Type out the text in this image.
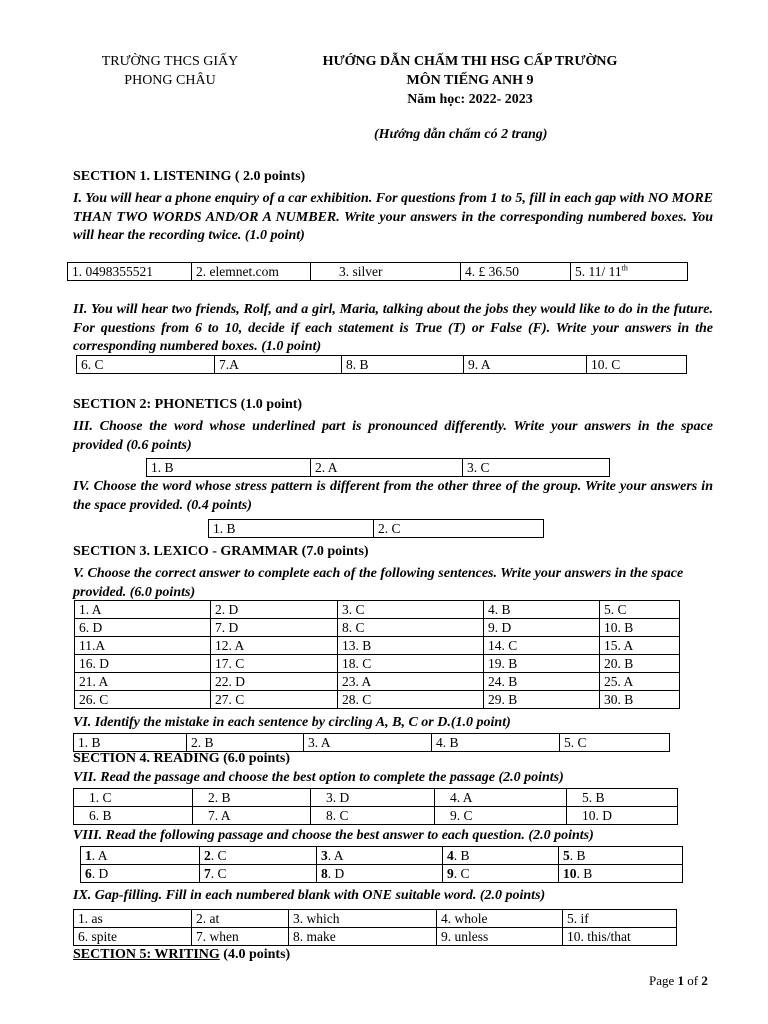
TRƯỜNG THCS GIẤY
PHONG CHÂU
HƯỚNG DẪN CHẤM THI HSG CẤP TRƯỜNG
MÔN TIẾNG ANH 9
Năm học: 2022- 2023
(Hướng dẫn chấm có 2 trang)
SECTION 1. LISTENING ( 2.0 points)
I. You will hear a phone enquiry of a car exhibition. For questions from 1 to 5, fill in each gap with NO MORE THAN TWO WORDS AND/OR A NUMBER. Write your answers in the corresponding numbered boxes. You will hear the recording twice. (1.0 point)
1. 0498355521	2. elemnet.com	3. silver	4. £ 36.50	5. 11/ 11th
II. You will hear two friends, Rolf, and a girl, Maria, talking about the jobs they would like to do in the future. For questions from 6 to 10, decide if each statement is True (T) or False (F). Write your answers in the corresponding numbered boxes. (1.0 point)
6. C	7.A	8. B	9. A	10. C
SECTION 2: PHONETICS (1.0 point)
III. Choose the word whose underlined part is pronounced differently. Write your answers in the space provided (0.6 points)
1. B	2. A	3. C
IV. Choose the word whose stress pattern is different from the other three of the group. Write your answers in the space provided. (0.4 points)
1. B	2. C
SECTION 3. LEXICO - GRAMMAR (7.0 points)
V. Choose the correct answer to complete each of the following sentences. Write your answers in the space provided. (6.0 points)
1. A	2. D	3. C	4. B	5. C
6. D	7. D	8. C	9. D	10. B
11.A	12. A	13. B	14. C	15. A
16. D	17. C	18. C	19. B	20. B
21. A	22. D	23. A	24. B	25. A
26. C	27. C	28. C	29. B	30. B
VI. Identify the mistake in each sentence by circling A, B, C or D.(1.0 point)
1. B	2. B	3. A	4. B	5. C
SECTION 4. READING (6.0 points)
VII. Read the passage and choose the best option to complete the passage (2.0 points)
1. C	2. B	3. D	4. A	5. B
6. B	7. A	8. C	9. C	10. D
VIII. Read the following passage and choose the best answer to each question. (2.0 points)
1. A	2. C	3. A	4. B	5. B
6. D	7. C	8. D	9. C	10. B
IX. Gap-filling. Fill in each numbered blank with ONE suitable word. (2.0 points)
1. as	2. at	3. which	4. whole	5. if
6. spite	7. when	8. make	9. unless	10. this/that
SECTION 5: WRITING (4.0 points)
Page 1 of 2
